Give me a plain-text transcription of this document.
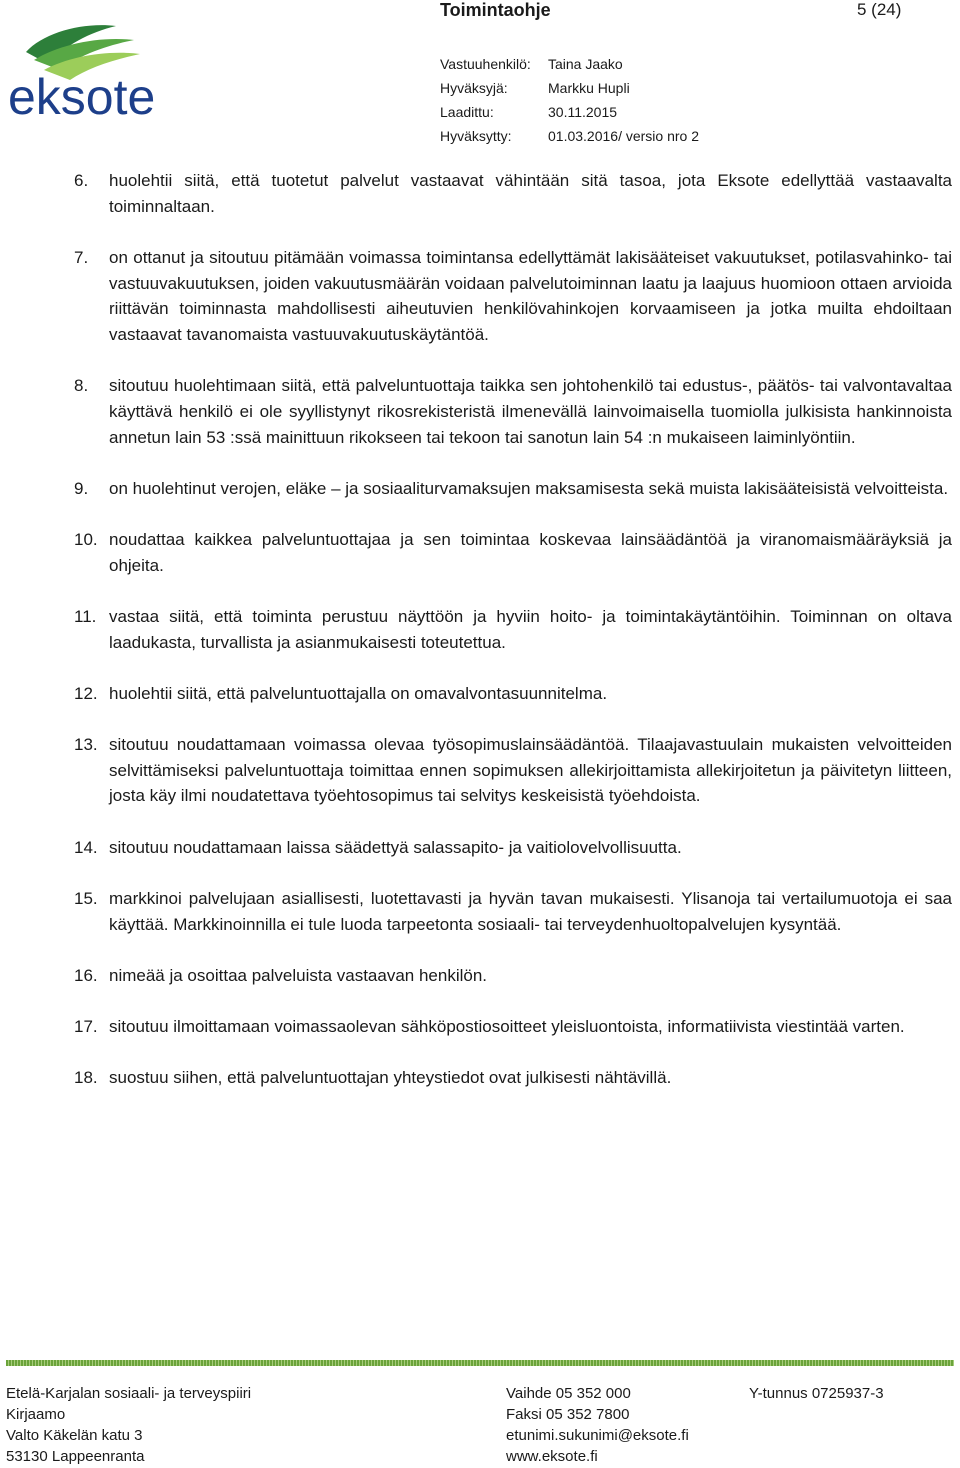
eksote
Toimintaohje	5 (24)
Vastuuhenkilö:	Taina Jaako
Hyväksyjä:	Markku Hupli
Laadittu:	30.11.2015
Hyväksytty:	01.03.2016/ versio nro 2
6.	huolehtii siitä, että tuotetut palvelut vastaavat vähintään sitä tasoa, jota Eksote edellyttää vastaavalta toiminnaltaan.
7.	on ottanut ja sitoutuu pitämään voimassa toimintansa edellyttämät lakisääteiset vakuutukset, potilasvahinko- tai vastuuvakuutuksen, joiden vakuutusmäärän voidaan palvelutoiminnan laatu ja laajuus huomioon ottaen arvioida riittävän toiminnasta mahdollisesti aiheutuvien henkilövahinkojen korvaamiseen ja jotka muilta ehdoiltaan vastaavat tavanomaista vastuuvakuutuskäytäntöä.
8.	sitoutuu huolehtimaan siitä, että palveluntuottaja taikka sen johtohenkilö tai edustus-, päätös- tai valvontavaltaa käyttävä henkilö ei ole syyllistynyt rikosrekisteristä ilmenevällä lainvoimaisella tuomiolla julkisista hankinnoista annetun lain 53 :ssä mainittuun rikokseen tai tekoon tai sanotun lain 54 :n mukaiseen laiminlyöntiin.
9.	on huolehtinut verojen, eläke – ja sosiaaliturvamaksujen maksamisesta sekä muista lakisääteisistä velvoitteista.
10. noudattaa kaikkea palveluntuottajaa ja sen toimintaa koskevaa lainsäädäntöä ja viranomaismääräyksiä ja ohjeita.
11. vastaa siitä, että toiminta perustuu näyttöön ja hyviin hoito- ja toimintakäytäntöihin. Toiminnan on oltava laadukasta, turvallista ja asianmukaisesti toteutettua.
12. huolehtii siitä, että palveluntuottajalla on omavalvontasuunnitelma.
13. sitoutuu noudattamaan voimassa olevaa työsopimuslainsäädäntöä. Tilaajavastuulain mukaisten velvoitteiden selvittämiseksi palveluntuottaja toimittaa ennen sopimuksen allekirjoittamista allekirjoitetun ja päivitetyn liitteen, josta käy ilmi noudatettava työehtosopimus tai selvitys keskeisistä työehdoista.
14. sitoutuu noudattamaan laissa säädettyä salassapito- ja vaitiolovelvollisuutta.
15. markkinoi palvelujaan asiallisesti, luotettavasti ja hyvän tavan mukaisesti. Ylisanoja tai vertailumuotoja ei saa käyttää. Markkinoinnilla ei tule luoda tarpeetonta sosiaali- tai terveydenhuoltopalvelujen kysyntää.
16. nimeää ja osoittaa palveluista vastaavan henkilön.
17. sitoutuu ilmoittamaan voimassaolevan sähköpostiosoitteet yleisluontoista, informatiivista viestintää varten.
18. suostuu siihen, että palveluntuottajan yhteystiedot ovat julkisesti nähtävillä.
Etelä-Karjalan sosiaali- ja terveyspiiri
Kirjaamo
Valto Käkelän katu 3
53130 Lappeenranta
Vaihde 05 352 000
Faksi 05 352 7800
etunimi.sukunimi@eksote.fi
www.eksote.fi
Y-tunnus 0725937-3
